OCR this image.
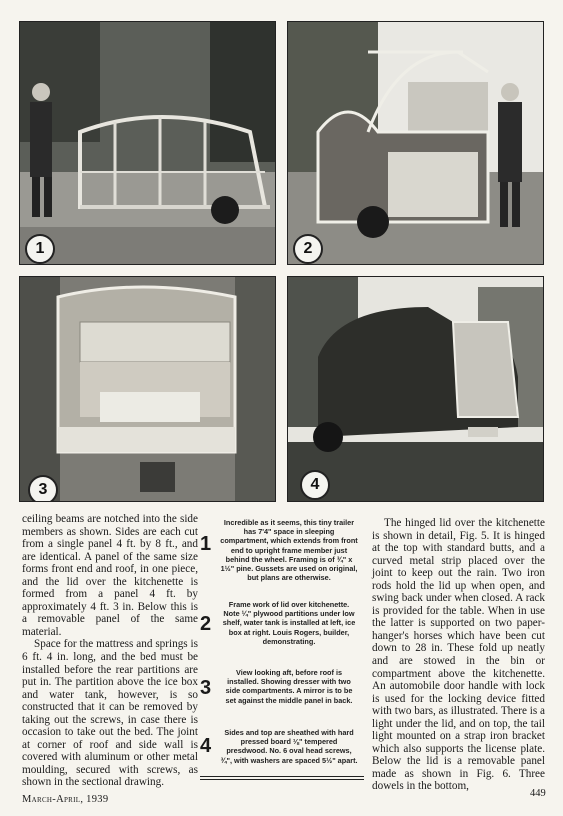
1	2
3	4

ceiling beams are notched into the side members as shown. Sides are each cut from a single panel 4 ft. by 8 ft., and are identical. A panel of the same size forms front end and roof, in one piece, and the lid over the kitchenette is formed from a panel 4 ft. by approximately 4 ft. 3 in. Below this is a removable panel of the same material.

Space for the mattress and springs is 6 ft. 4 in. long, and the bed must be installed before the rear partitions are put in. The partition above the ice box and water tank, however, is so constructed that it can be removed by taking out the screws, in case there is occasion to take out the bed. The joint at corner of roof and side wall is covered with aluminum or other metal moulding, secured with screws, as shown in the sectional drawing.

1
Incredible as it seems, this tiny trailer has 7'4" space in sleeping compartment, which extends from front end to upright frame member just behind the wheel. Framing is of ¾" x 1½" pine. Gussets are used on original, but plans are otherwise.
2
Frame work of lid over kitchenette. Note ¼" plywood partitions under low shelf, water tank is installed at left, ice box at right. Louis Rogers, builder, demonstrating.
3
View looking aft, before roof is installed. Showing dresser with two side compartments. A mirror is to be set against the middle panel in back.
4
Sides and top are sheathed with hard pressed board ⅛" tempered presdwood. No. 6 oval head screws, ¾", with washers are spaced 5½" apart.

The hinged lid over the kitchenette is shown in detail, Fig. 5. It is hinged at the top with standard butts, and a curved metal strip placed over the joint to keep out the rain. Two iron rods hold the lid up when open, and swing back under when closed. A rack is provided for the table. When in use the latter is supported on two paper-hanger's horses which have been cut down to 28 in. These fold up neatly and are stowed in the bin or compartment above the kitchenette. An automobile door handle with lock is used for the locking device fitted with two bars, as illustrated. There is a light under the lid, and on top, the tail light mounted on a strap iron bracket which also supports the license plate. Below the lid is a removable panel made as shown in Fig. 6. Three dowels in the bottom,

March-April, 1939
449
